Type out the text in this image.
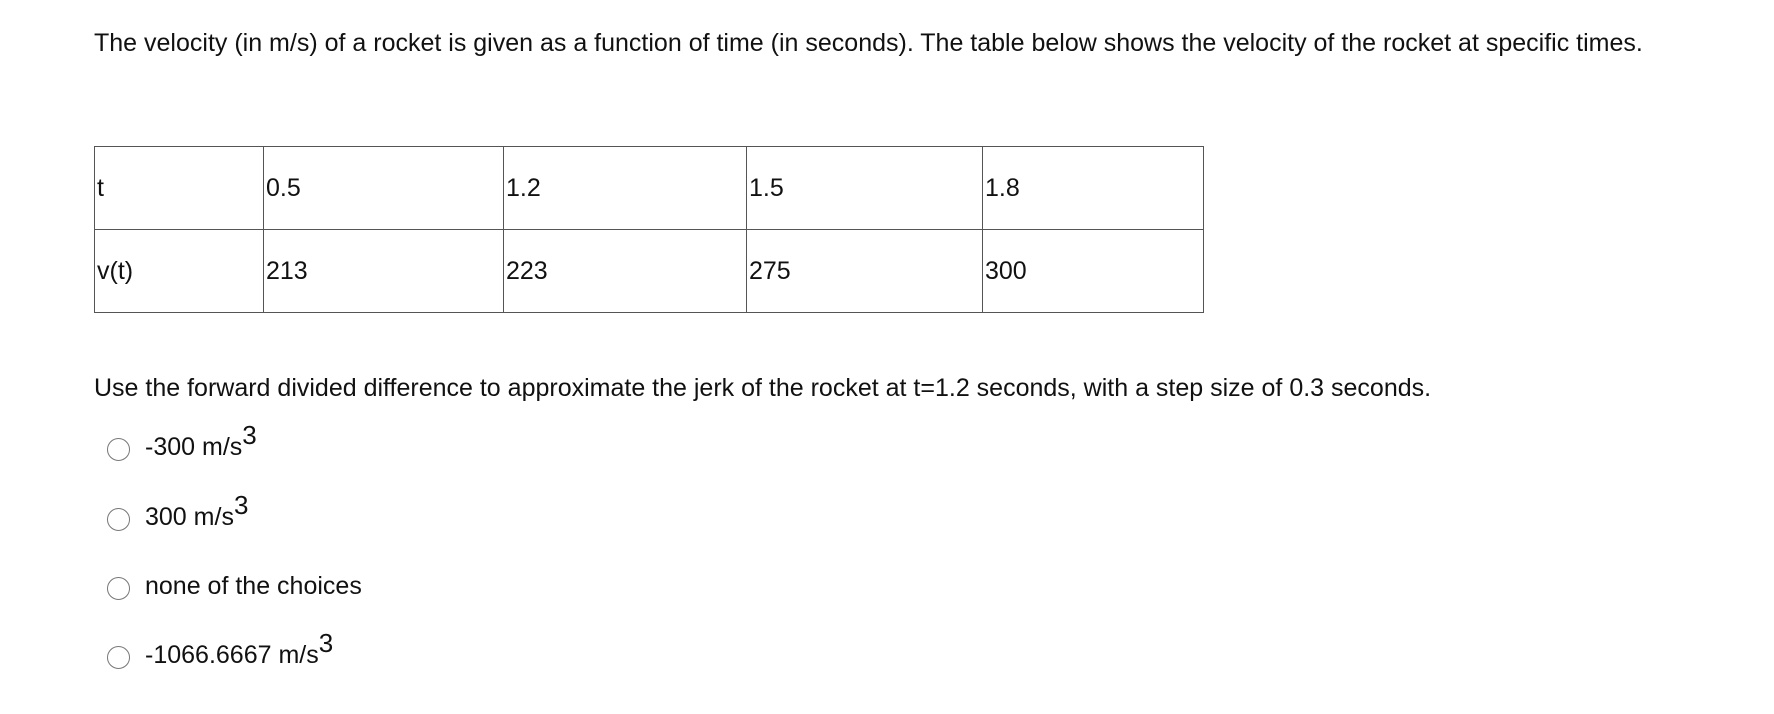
The velocity (in m/s) of a rocket is given as a function of time (in seconds). The table below shows the velocity of the rocket at specific times.

t	0.5	1.2	1.5	1.8
v(t)	213	223	275	300

Use the forward divided difference to approximate the jerk of the rocket at t=1.2 seconds, with a step size of 0.3 seconds.

-300 $m/s^3$
300 $m/s^3$
none of the choices
-1066.6667 $m/s^3$
